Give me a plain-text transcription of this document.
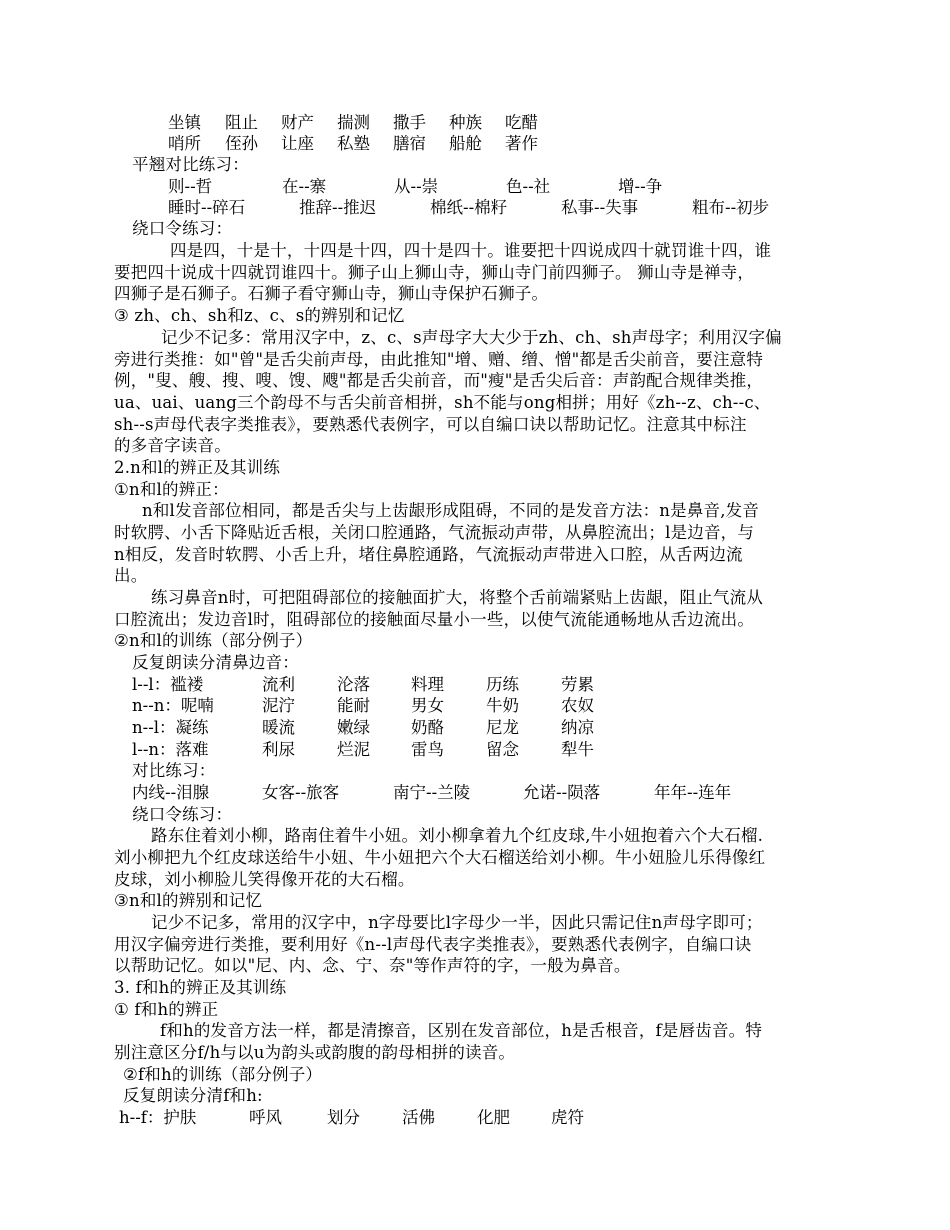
坐镇 阻止 财产 揣测 撒手 种族 吃醋
哨所 侄孙 让座 私塾 膳宿 船舱 著作
平翘对比练习：
则--哲	在--寨	从--崇	色--社	增--争
睡时--碎石	推辞--推迟	棉纸--棉籽	私事--失事	粗布--初步
绕口令练习：
四是四，十是十，十四是十四，四十是四十。谁要把十四说成四十就罚谁十四，谁
要把四十说成十四就罚谁四十。狮子山上狮山寺，狮山寺门前四狮子。 狮山寺是禅寺，
四狮子是石狮子。石狮子看守狮山寺，狮山寺保护石狮子。
③ zh、ch、sh和z、c、s的辨别和记忆
记少不记多：常用汉字中，z、c、s声母字大大少于zh、ch、sh声母字；利用汉字偏
旁进行类推：如"曾"是舌尖前声母，由此推知"增、赠、缯、憎"都是舌尖前音，要注意特
例，"叟、艘、搜、嗖、馊、飕"都是舌尖前音，而"瘦"是舌尖后音：声韵配合规律类推，
ua、uai、uang三个韵母不与舌尖前音相拼，sh不能与ong相拼；用好《zh--z、ch--c、
sh--s声母代表字类推表》，要熟悉代表例字，可以自编口诀以帮助记忆。注意其中标注
的多音字读音。
2.n和l的辨正及其训练
①n和l的辨正：
n和l发音部位相同，都是舌尖与上齿龈形成阻碍，不同的是发音方法：n是鼻音,发音
时软腭、小舌下降贴近舌根，关闭口腔通路，气流振动声带，从鼻腔流出；l是边音，与
n相反，发音时软腭、小舌上升，堵住鼻腔通路，气流振动声带进入口腔，从舌两边流
出。
练习鼻音n时，可把阻碍部位的接触面扩大，将整个舌前端紧贴上齿龈，阻止气流从
口腔流出；发边音l时，阻碍部位的接触面尽量小一些，以使气流能通畅地从舌边流出。
②n和l的训练（部分例子）
反复朗读分清鼻边音：
l--l：褴褛	流利	沦落 料理	历练	劳累
n--n：呢喃	泥泞	能耐 男女	牛奶	农奴
n--l：凝练	暖流	嫩绿 奶酪	尼龙	纳凉
l--n：落难	利尿	烂泥 雷鸟	留念	犁牛
对比练习：
内线--泪腺	女客--旅客	南宁--兰陵	允诺--陨落	年年--连年
绕口令练习：
路东住着刘小柳，路南住着牛小妞。刘小柳拿着九个红皮球,牛小妞抱着六个大石榴.
刘小柳把九个红皮球送给牛小妞、牛小妞把六个大石榴送给刘小柳。牛小妞脸儿乐得像红
皮球，刘小柳脸儿笑得像开花的大石榴。
③n和l的辨别和记忆
记少不记多，常用的汉字中，n字母要比l字母少一半，因此只需记住n声母字即可；
用汉字偏旁进行类推，要利用好《n--l声母代表字类推表》，要熟悉代表例字，自编口诀
以帮助记忆。如以"尼、内、念、宁、奈"等作声符的字，一般为鼻音。
3. f和h的辨正及其训练
① f和h的辨正
f和h的发音方法一样，都是清擦音，区别在发音部位，h是舌根音，f是唇齿音。特
别注意区分f/h与以u为韵头或韵腹的韵母相拼的读音。
②f和h的训练（部分例子）
反复朗读分清f和h:
h--f：护肤	呼风	划分	活佛	化肥 虎符
